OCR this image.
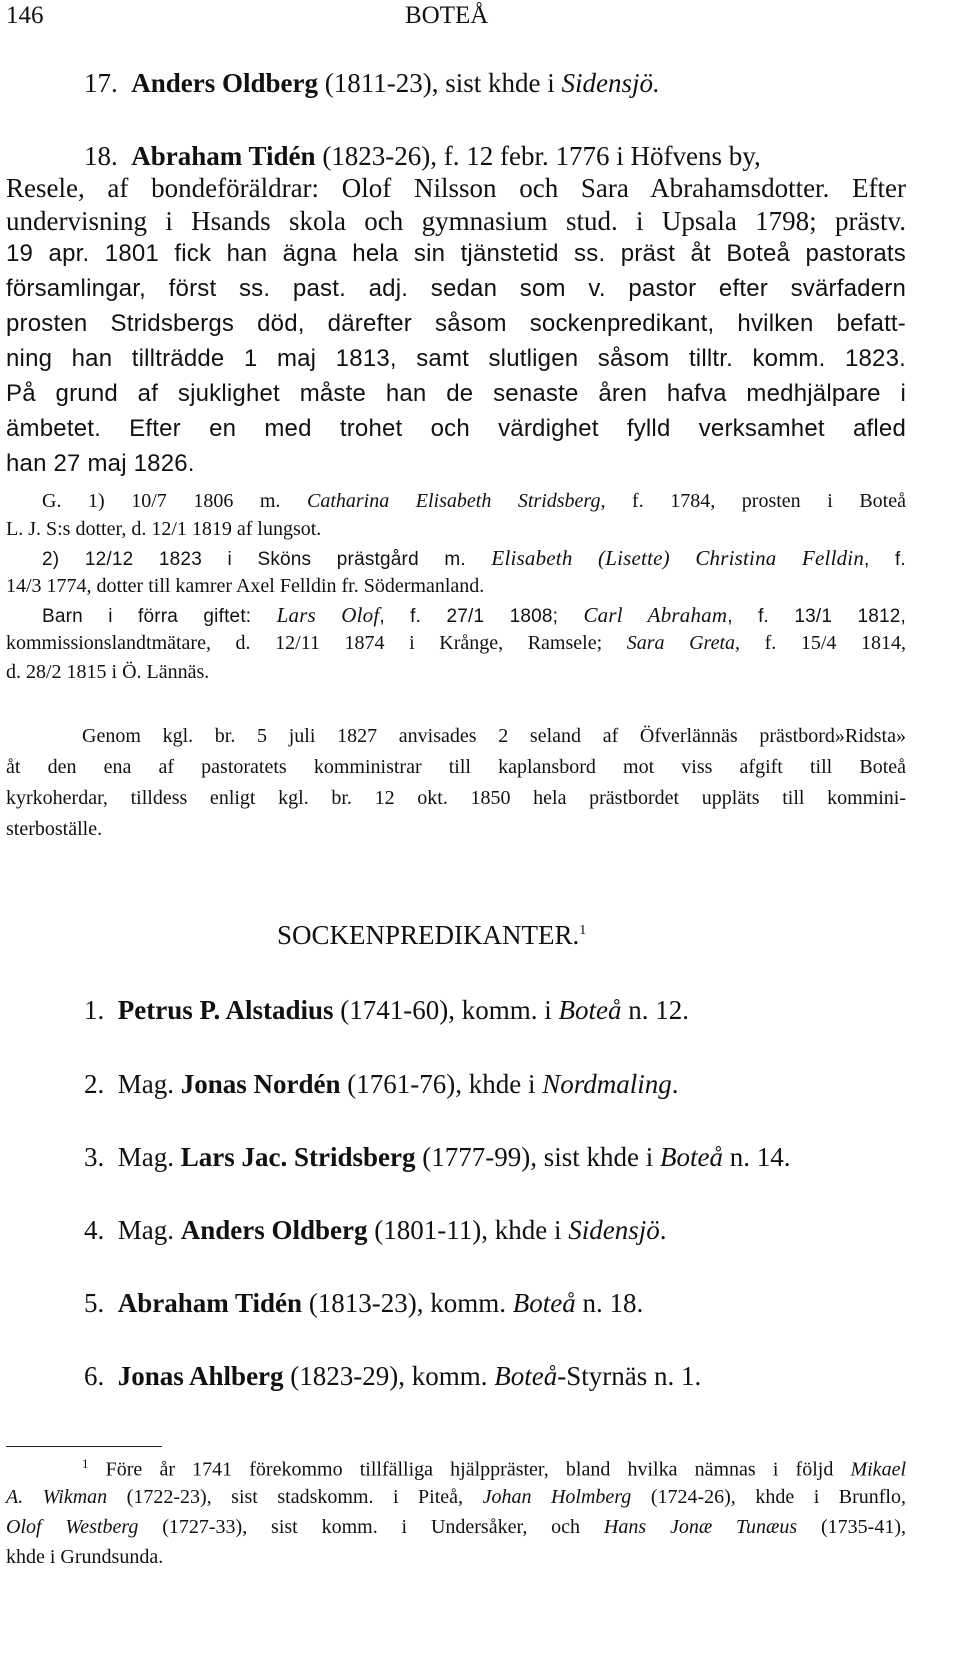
146	BOTEÅ
17. Anders Oldberg (1811-23), sist khde i Sidensjö.
18. Abraham Tidén (1823-26), f. 12 febr. 1776 i Höfvens by,
Resele, af bondeföräldrar: Olof Nilsson och Sara Abrahamsdotter. Efter
undervisning i Hsands skola och gymnasium stud. i Upsala 1798; prästv.
19 apr. 1801 fick han ägna hela sin tjänstetid ss. präst åt Boteå pastorats
församlingar, först ss. past. adj. sedan som v. pastor efter svärfadern
prosten Stridsbergs död, därefter såsom sockenpredikant, hvilken befatt-
ning han tillträdde 1 maj 1813, samt slutligen såsom tilltr. komm. 1823.
På grund af sjuklighet måste han de senaste åren hafva medhjälpare i
ämbetet. Efter en med trohet och värdighet fylld verksamhet afled
han 27 maj 1826.
G. 1) 10/7 1806 m. Catharina Elisabeth Stridsberg, f. 1784, prosten i Boteå
L. J. S:s dotter, d. 12/1 1819 af lungsot.
2) 12/12 1823 i Sköns prästgård m. Elisabeth (Lisette) Christina Felldin, f.
14/3 1774, dotter till kamrer Axel Felldin fr. Södermanland.
Barn i förra giftet: Lars Olof, f. 27/1 1808; Carl Abraham, f. 13/1 1812,
kommissionslandtmätare, d. 12/11 1874 i Krånge, Ramsele; Sara Greta, f. 15/4 1814,
d. 28/2 1815 i Ö. Lännäs.
Genom kgl. br. 5 juli 1827 anvisades 2 seland af Öfverlännäs prästbord»Ridsta»
åt den ena af pastoratets komministrar till kaplansbord mot viss afgift till Boteå
kyrkoherdar, tilldess enligt kgl. br. 12 okt. 1850 hela prästbordet uppläts till kommini-
sterboställe.
SOCKENPREDIKANTER.$^1$
1. Petrus P. Alstadius (1741-60), komm. i Boteå n. 12.
2. Mag. Jonas Nordén (1761-76), khde i Nordmaling.
3. Mag. Lars Jac. Stridsberg (1777-99), sist khde i Boteå n. 14.
4. Mag. Anders Oldberg (1801-11), khde i Sidensjö.
5. Abraham Tidén (1813-23), komm. Boteå n. 18.
6. Jonas Ahlberg (1823-29), komm. Boteå-Styrnäs n. 1.
$^1$ Före år 1741 förekommo tillfälliga hjälppräster, bland hvilka nämnas i följd Mikael
A. Wikman (1722-23), sist stadskomm. i Piteå, Johan Holmberg (1724-26), khde i Brunflo,
Olof Westberg (1727-33), sist komm. i Undersåker, och Hans Jonæ Tunæus (1735-41),
khde i Grundsunda.
